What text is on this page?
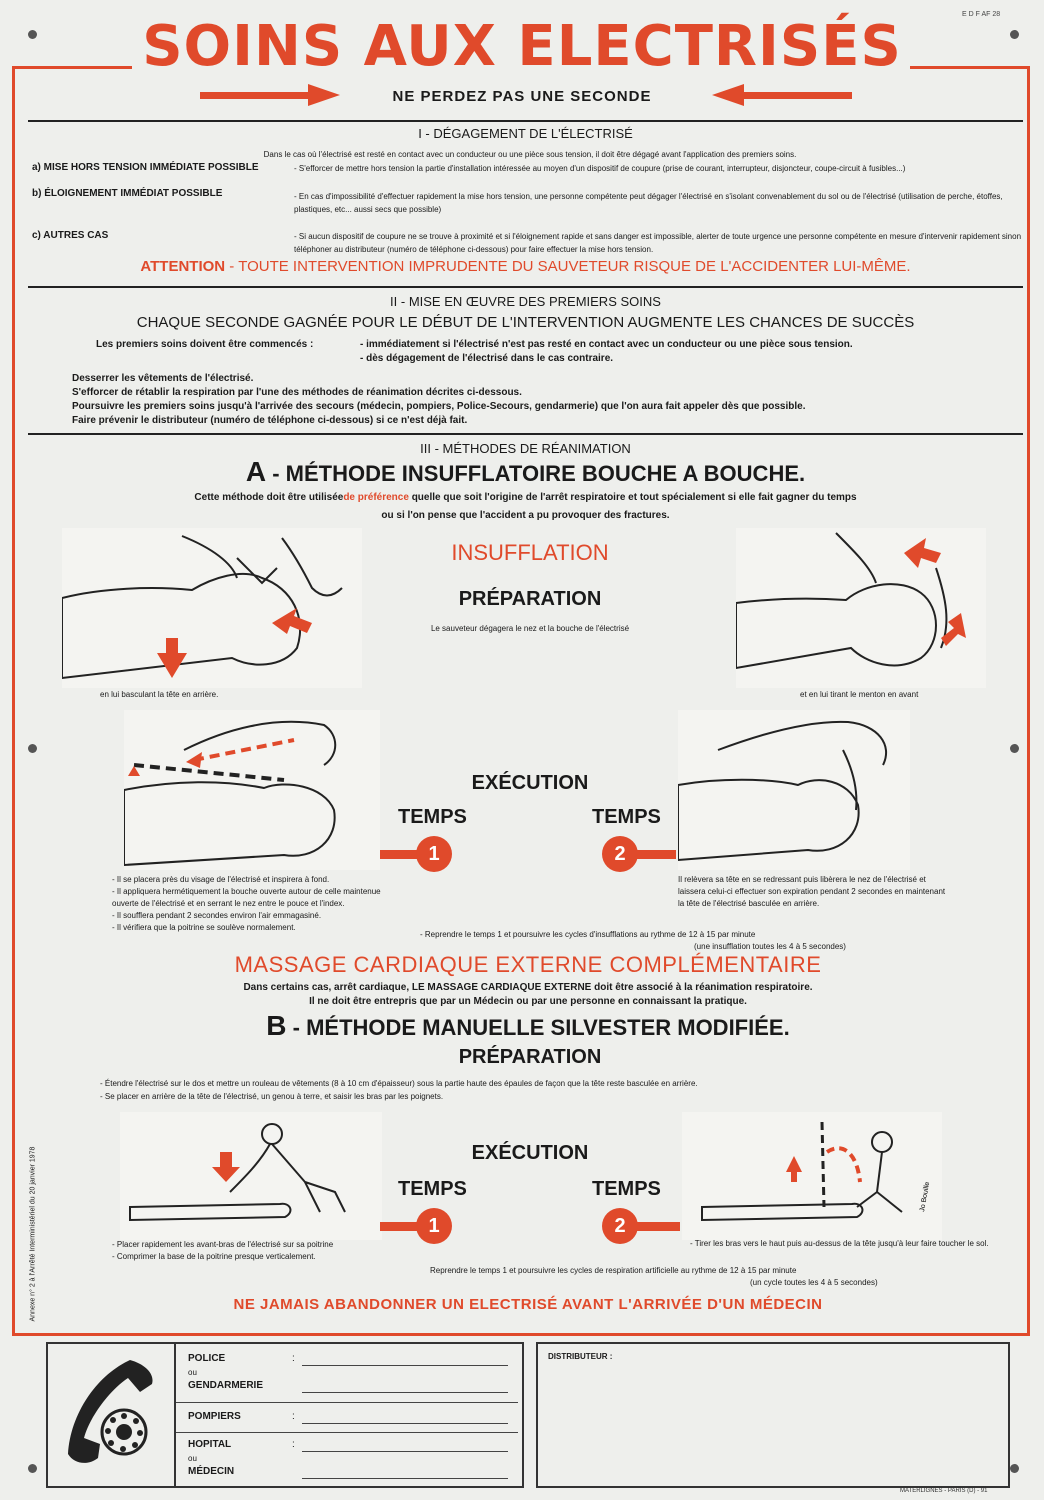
E D F AF 28
SOINS AUX ELECTRISÉS
NE PERDEZ PAS UNE SECONDE
I - DÉGAGEMENT DE L'ÉLECTRISÉ
Dans le cas où l'électrisé est resté en contact avec un conducteur ou une pièce sous tension, il doit être dégagé avant l'application des premiers soins.
a) MISE HORS TENSION IMMÉDIATE POSSIBLE	- S'efforcer de mettre hors tension la partie d'installation intéressée au moyen d'un dispositif de coupure (prise de courant, interrupteur, disjoncteur, coupe-circuit à fusibles...)
b) ÉLOIGNEMENT IMMÉDIAT POSSIBLE	- En cas d'impossibilité d'effectuer rapidement la mise hors tension, une personne compétente peut dégager l'électrisé en s'isolant convenablement du sol ou de l'électrisé (utilisation de perche, étoffes, plastiques, etc... aussi secs que possible)
c) AUTRES CAS	- Si aucun dispositif de coupure ne se trouve à proximité et si l'éloignement rapide et sans danger est impossible, alerter de toute urgence une personne compétente en mesure d'intervenir rapidement sinon téléphoner au distributeur (numéro de téléphone ci-dessous) pour faire effectuer la mise hors tension.
ATTENTION - TOUTE INTERVENTION IMPRUDENTE DU SAUVETEUR RISQUE DE L'ACCIDENTER LUI-MÊME.
II - MISE EN ŒUVRE DES PREMIERS SOINS
CHAQUE SECONDE GAGNÉE POUR LE DÉBUT DE L'INTERVENTION AUGMENTE LES CHANCES DE SUCCÈS
Les premiers soins doivent être commencés :	- immédiatement si l'électrisé n'est pas resté en contact avec un conducteur ou une pièce sous tension.
- dès dégagement de l'électrisé dans le cas contraire.
Desserrer les vêtements de l'électrisé.
S'efforcer de rétablir la respiration par l'une des méthodes de réanimation décrites ci-dessous.
Poursuivre les premiers soins jusqu'à l'arrivée des secours (médecin, pompiers, Police-Secours, gendarmerie) que l'on aura fait appeler dès que possible.
Faire prévenir le distributeur (numéro de téléphone ci-dessous) si ce n'est déjà fait.
III - MÉTHODES DE RÉANIMATION
A - MÉTHODE INSUFFLATOIRE BOUCHE A BOUCHE.
Cette méthode doit être utiliséede préférence quelle que soit l'origine de l'arrêt respiratoire et tout spécialement si elle fait gagner du temps
ou si l'on pense que l'accident a pu provoquer des fractures.
INSUFFLATION
PRÉPARATION
Le sauveteur dégagera le nez et la bouche de l'électrisé
en lui basculant la tête en arrière.	et en lui tirant le menton en avant
EXÉCUTION
TEMPS	TEMPS
1	2
- Il se placera près du visage de l'électrisé et inspirera à fond.
- Il appliquera hermétiquement la bouche ouverte autour de celle maintenue ouverte de l'électrisé et en serrant le nez entre le pouce et l'index.
- Il soufflera pendant 2 secondes environ l'air emmagasiné.
- Il vérifiera que la poitrine se soulève normalement.
Il relèvera sa tête en se redressant puis libèrera le nez de l'électrisé et laissera celui-ci effectuer son expiration pendant 2 secondes en maintenant la tête de l'électrisé basculée en arrière.
- Reprendre le temps 1 et poursuivre les cycles d'insufflations au rythme de 12 à 15 par minute
(une insufflation toutes les 4 à 5 secondes)
MASSAGE CARDIAQUE EXTERNE COMPLÉMENTAIRE
Dans certains cas, arrêt cardiaque, LE MASSAGE CARDIAQUE EXTERNE doit être associé à la réanimation respiratoire.
Il ne doit être entrepris que par un Médecin ou par une personne en connaissant la pratique.
B - MÉTHODE MANUELLE SILVESTER MODIFIÉE.
PRÉPARATION
- Étendre l'électrisé sur le dos et mettre un rouleau de vêtements (8 à 10 cm d'épaisseur) sous la partie haute des épaules de façon que la tête reste basculée en arrière.
- Se placer en arrière de la tête de l'électrisé, un genou à terre, et saisir les bras par les poignets.
Jo Bouille
EXÉCUTION
TEMPS	TEMPS
1	2
- Placer rapidement les avant-bras de l'électrisé sur sa poitrine
- Comprimer la base de la poitrine presque verticalement.
- Tirer les bras vers le haut puis au-dessus de la tête jusqu'à leur faire toucher le sol.
Reprendre le temps 1 et poursuivre les cycles de respiration artificielle au rythme de 12 à 15 par minute
(un cycle toutes les 4 à 5 secondes)
NE JAMAIS ABANDONNER UN ELECTRISÉ AVANT L'ARRIVÉE D'UN MÉDECIN
Annexe n° 2 à l'Arrêté Interministériel du 20 janvier 1978
POLICE
ou
GENDARMERIE
:
POMPIERS	:
HOPITAL
ou
MÉDECIN
:
DISTRIBUTEUR :
MATERLIGNES - PARIS (D) - 91
